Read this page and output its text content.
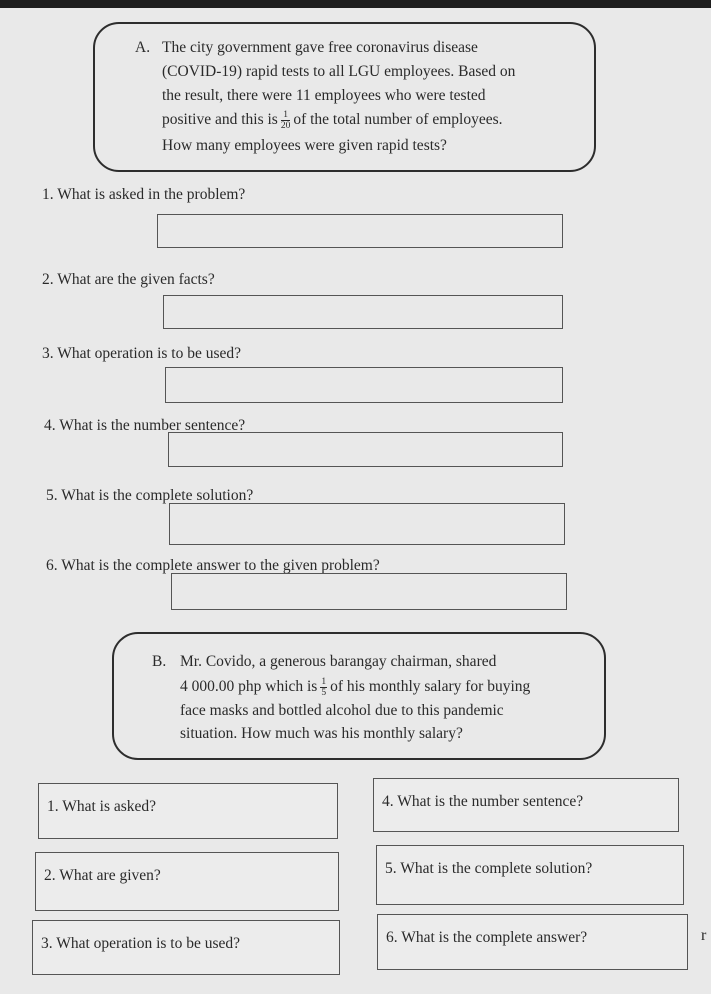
A. The city government gave free coronavirus disease
(COVID-19) rapid tests to all LGU employees. Based on
the result, there were 11 employees who were tested
positive and this is $\frac{1}{20}$ of the total number of employees.
How many employees were given rapid tests?
1. What is asked in the problem?
2. What are the given facts?
3. What operation is to be used?
4. What is the number sentence?
5. What is the complete solution?
6. What is the complete answer to the given problem?
B. Mr. Covido, a generous barangay chairman, shared
4 000.00 php which is $\frac{1}{5}$ of his monthly salary for buying
face masks and bottled alcohol due to this pandemic
situation. How much was his monthly salary?
1. What is asked?	4. What is the number sentence?
2. What are given?	5. What is the complete solution?
3. What operation is to be used?	6. What is the complete answer?	r
